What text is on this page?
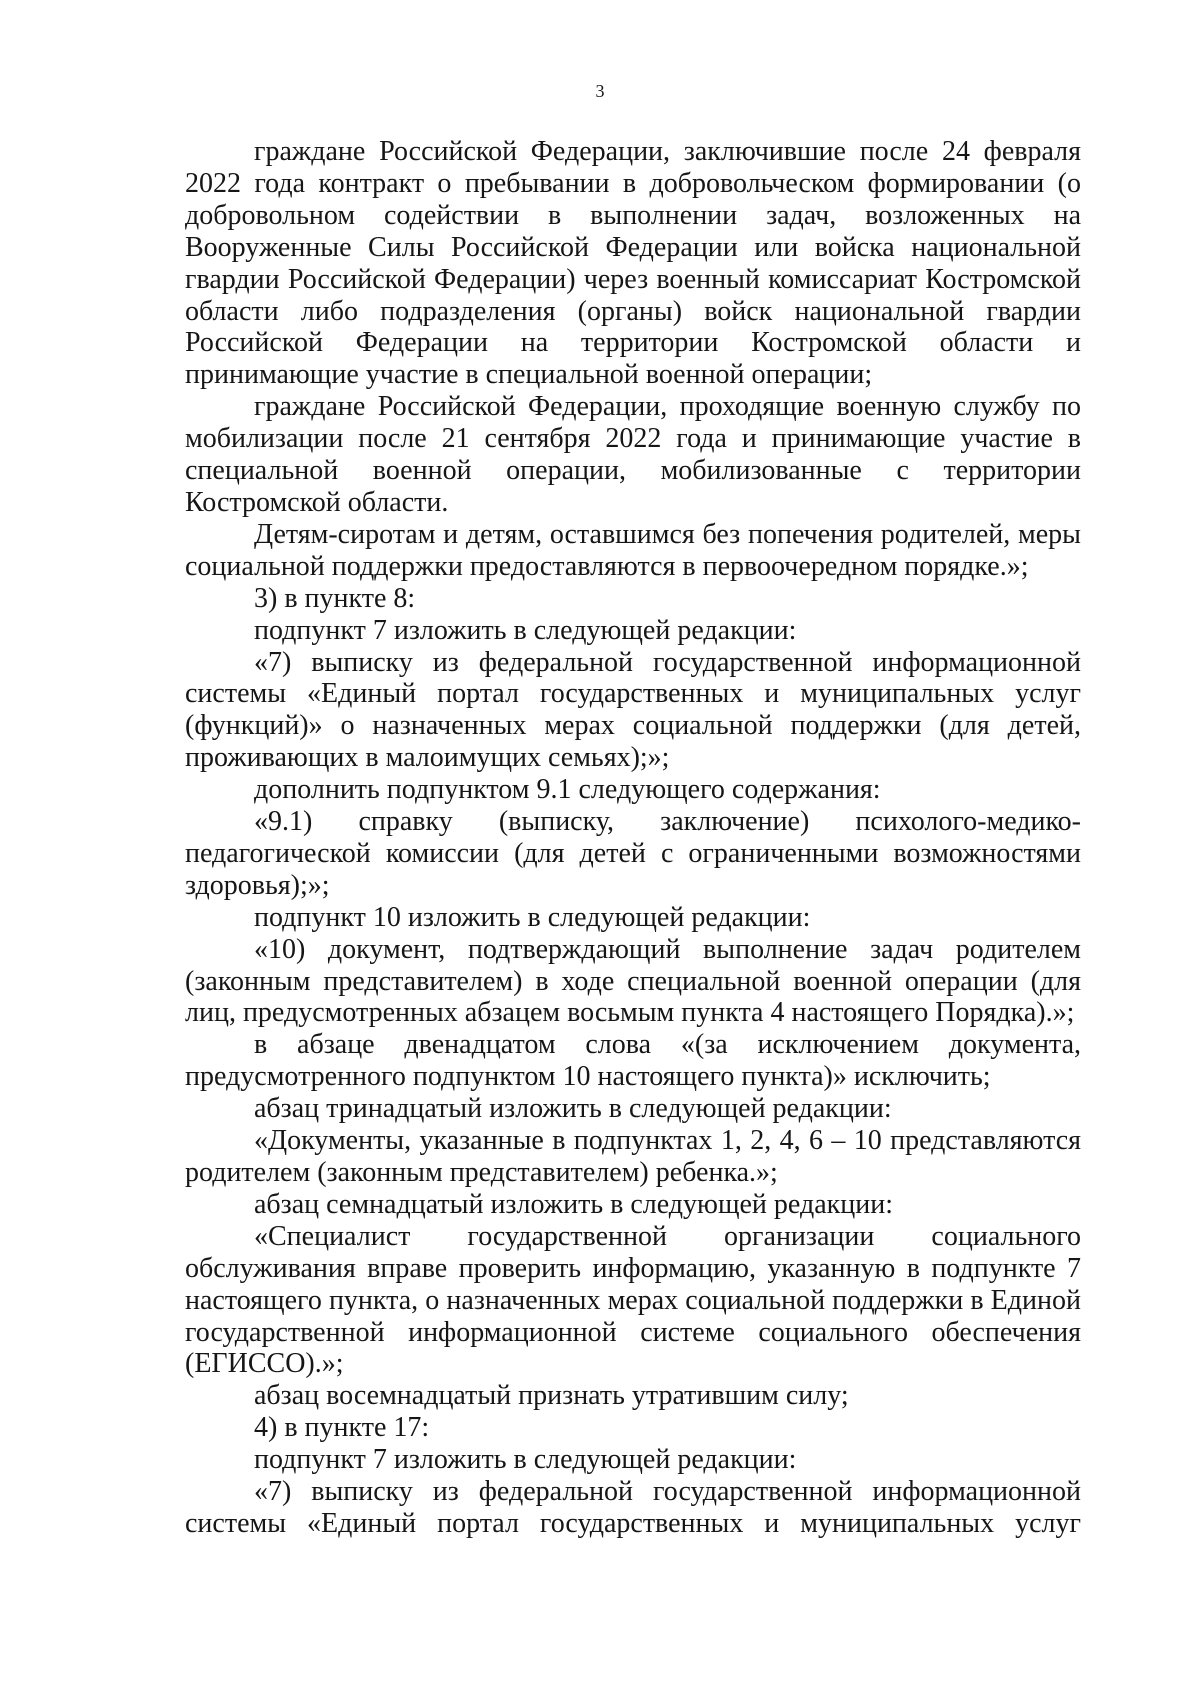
3

граждане Российской Федерации, заключившие после 24 февраля 2022 года контракт о пребывании в добровольческом формировании (о добровольном содействии в выполнении задач, возложенных на Вооруженные Силы Российской Федерации или войска национальной гвардии Российской Федерации) через военный комиссариат Костромской области либо подразделения (органы) войск национальной гвардии Российской Федерации на территории Костромской области и принимающие участие в специальной военной операции;

граждане Российской Федерации, проходящие военную службу по мобилизации после 21 сентября 2022 года и принимающие участие в специальной военной операции, мобилизованные с территории Костромской области.

Детям-сиротам и детям, оставшимся без попечения родителей, меры социальной поддержки предоставляются в первоочередном порядке.»;

3) в пункте 8:

подпункт 7 изложить в следующей редакции:

«7) выписку из федеральной государственной информационной системы «Единый портал государственных и муниципальных услуг (функций)» о назначенных мерах социальной поддержки (для детей, проживающих в малоимущих семьях);»;

дополнить подпунктом 9.1 следующего содержания:

«9.1) справку (выписку, заключение) психолого-медико-педагогической комиссии (для детей с ограниченными возможностями здоровья);»;

подпункт 10 изложить в следующей редакции:

«10) документ, подтверждающий выполнение задач родителем (законным представителем) в ходе специальной военной операции (для лиц, предусмотренных абзацем восьмым пункта 4 настоящего Порядка).»;

в абзаце двенадцатом слова «(за исключением документа, предусмотренного подпунктом 10 настоящего пункта)» исключить;

абзац тринадцатый изложить в следующей редакции:

«Документы, указанные в подпунктах 1, 2, 4, 6 – 10 представляются родителем (законным представителем) ребенка.»;

абзац семнадцатый изложить в следующей редакции:

«Специалист государственной организации социального обслуживания вправе проверить информацию, указанную в подпункте 7 настоящего пункта, о назначенных мерах социальной поддержки в Единой государственной информационной системе социального обеспечения (ЕГИССО).»;

абзац восемнадцатый признать утратившим силу;

4) в пункте 17:

подпункт 7 изложить в следующей редакции:

«7) выписку из федеральной государственной информационной системы «Единый портал государственных и муниципальных услуг
